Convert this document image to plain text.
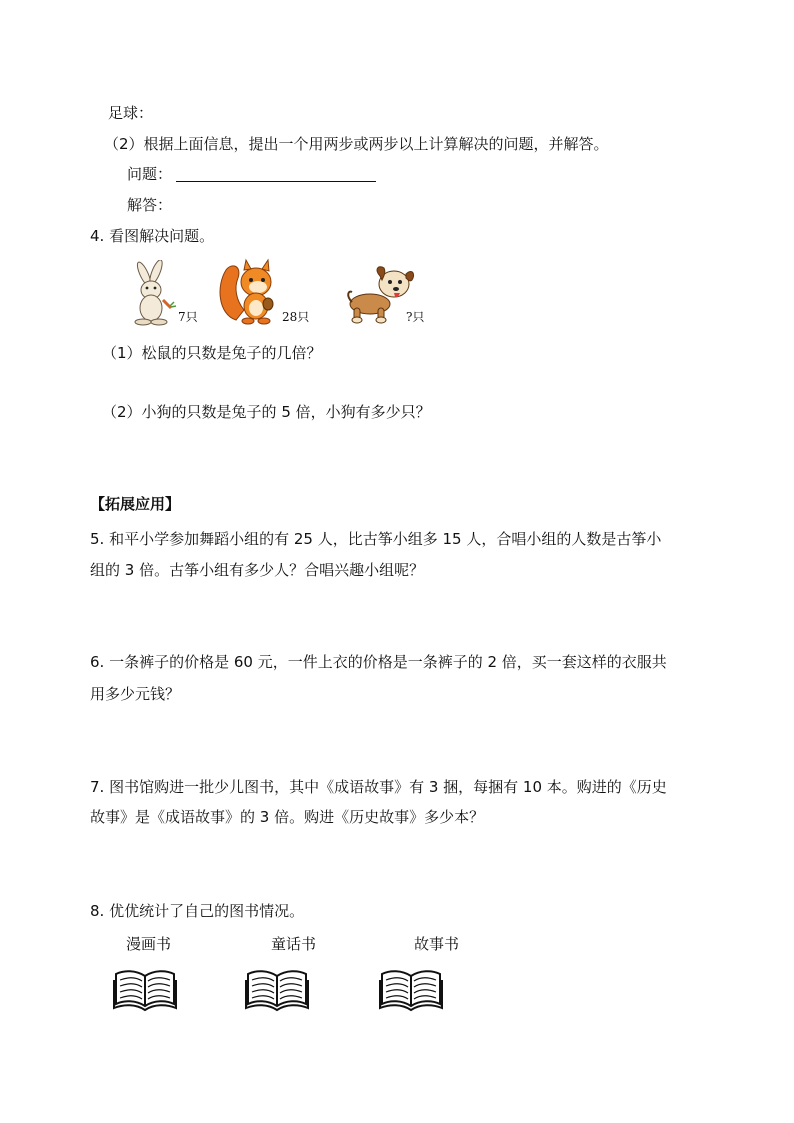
足球：
（2）根据上面信息，提出一个用两步或两步以上计算解决的问题，并解答。
问题：
解答：
4. 看图解决问题。
7只	28只	?只
（1）松鼠的只数是兔子的几倍？
（2）小狗的只数是兔子的 5 倍，小狗有多少只？
【拓展应用】
5. 和平小学参加舞蹈小组的有 25 人，比古筝小组多 15 人，合唱小组的人数是古筝小
组的 3 倍。古筝小组有多少人？合唱兴趣小组呢？
6. 一条裤子的价格是 60 元，一件上衣的价格是一条裤子的 2 倍，买一套这样的衣服共
用多少元钱？
7. 图书馆购进一批少儿图书，其中《成语故事》有 3 捆，每捆有 10 本。购进的《历史
故事》是《成语故事》的 3 倍。购进《历史故事》多少本？
8. 优优统计了自己的图书情况。
漫画书	童话书	故事书
